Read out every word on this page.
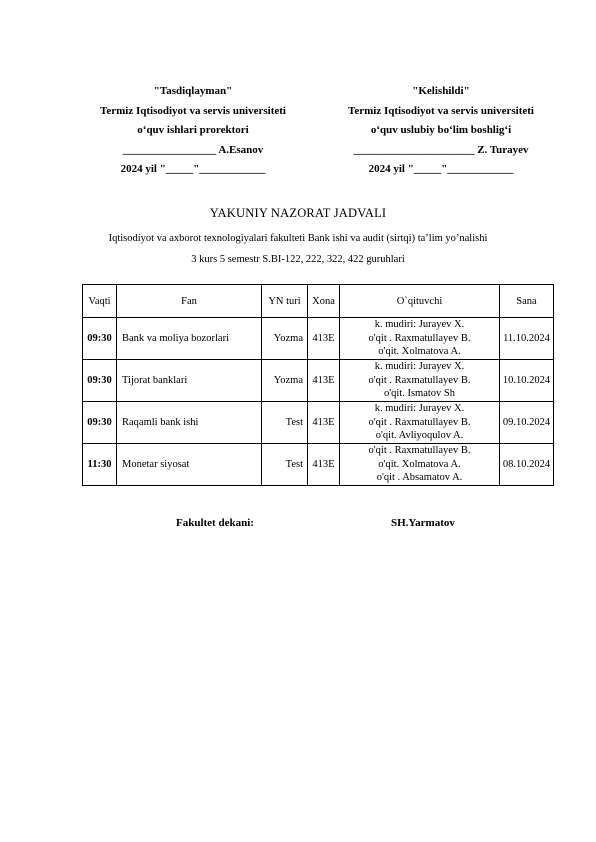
"Tasdiqlayman"
Termiz Iqtisodiyot va servis universiteti
o‘quv ishlari prorektori
_________________ A.Esanov
2024 yil "_____"____________
"Kelishildi"
Termiz Iqtisodiyot va servis universiteti
o‘quv uslubiy bo‘lim boshlig‘i
______________________ Z. Turayev
2024 yil "_____"____________
YAKUNIY NAZORAT JADVALI
Iqtisodiyot va axborot texnologiyalari fakulteti Bank ishi va audit (sirtqi) ta’lim yo’nalishi
3 kurs 5 semestr S.BI-122, 222, 322, 422 guruhlari
Vaqti	Fan	YN turi	Xona	O`qituvchi	Sana
09:30	Bank va moliya bozorlari	Yozma	413E	k. mudiri: Jurayev X.
o'qit . Raxmatullayev B.
o'qit. Xolmatova A.	11.10.2024
09:30	Tijorat banklari	Yozma	413E	k. mudiri: Jurayev X.
o'qit . Raxmatullayev B.
o'qit. Ismatov Sh	10.10.2024
09:30	Raqamli bank ishi	Test	413E	k. mudiri: Jurayev X.
o'qit . Raxmatullayev B.
o'qit. Avliyoqulov A.	09.10.2024
11:30	Monetar siyosat	Test	413E	o'qit . Raxmatullayev B.
o'qit. Xolmatova A.
o'qit . Absamatov A.	08.10.2024
Fakultet dekani:	SH.Yarmatov
